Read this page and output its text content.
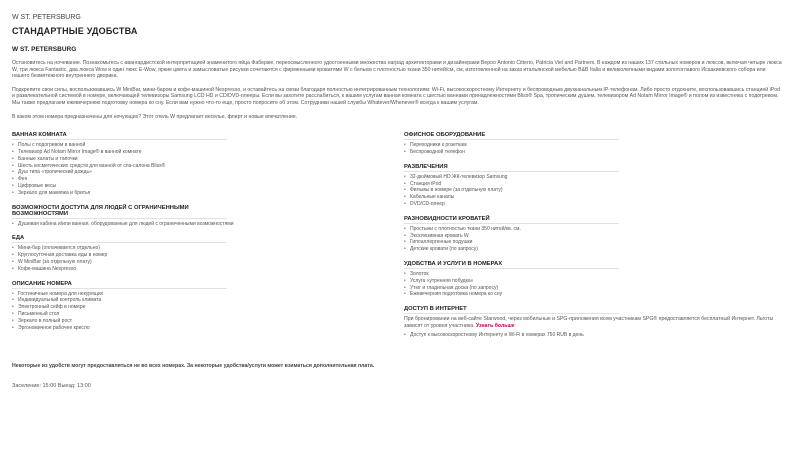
W ST. PETERSBURG
СТАНДАРТНЫЕ УДОБСТВА
W ST. PETERSBURG
Остановитесь на ночевание. Познакомьтесь с авангардистской интерпретацией знаменитого яйца Фаберже, переосмысленного удостоенными множества наград архитекторами и дизайнерами Вероо Antonio Citterio, Patricia Viel and Partners. В каждом из наших 137 стильных номеров и люксов, включая четыре люкса W, три люкса Fantastic, два люкса Wow и один люкс E-Wow, яркие цвета и замысловатые рисунки сочетаются с фирменными кроватями W с бельем с плотностью ткани 350 нитей/см, см, изготовленной на заказ итальянской мебелью B&B Italia и великолепными видами золотоглавого Исаакиевского собора или нашего безмятежного внутреннего дворика.
Подкрепите свои силы, воспользовавшись W MiniBar, мини-баром и кофе-машиной Nespresso, и оставайтесь на связи благодаря полностью интегрированным технологиям: Wi-Fi, высокоскоростному Интернету и беспроводным двухканальным IP-телефонам. Либо просто отдохните, воспользовавшись станцией iPod и развлекательной системой в номере, включающей телевизоры Samsung LCD HD и CD/DVD-плееры. Если вы захотите расслабиться, к вашим услугам ванная комната с шестью ваннами принадлежностями Bliss® Spa, тропическим душем, телевизором Ad Notam Mirror Image® и полом из известняка с подогревом. Мы также предлагаем ежевечернюю подготовку номера ко сну. Если вам нужно что-то еще, просто попросите об этом. Сотрудники нашей службы Whatever/Whenever® всегда к вашим услугам.
В каком этом номера предназначены для ночующих? Этот отель W предлагает веселье, флирт и новые впечатления.
ВАННАЯ КОМНАТА
• Полы с подогревом в ванной
• Телевизор Ad Notam Mirror Image® в ванной комнате
• Банные халаты и тапочки
• Шесть косметических средств для ванной от спа-салона Bliss®
• Душ типа «тропический дождь»
• Фен
• Цифровые весы
• Зеркало для макияжа и бритья
ВОЗМОЖНОСТИ ДОСТУПА ДЛЯ ЛЮДЕЙ С ОГРАНИЧЕННЫМИ ВОЗМОЖНОСТЯМИ
• Душевая кабина и/или ванная, оборудованные для людей с ограниченными возможностями
ЕДА
• Мини-бар (оплачивается отдельно)
• Круглосуточная доставка еды в номер
• W MiniBar (за отдельную плату)
• Кофе-машина Nespresso
ОПИСАНИЕ НОМЕРА
• Гостиничные номера для некурящих
• Индивидуальный контроль климата
• Электронный сейф в номере
• Письменный стол
• Зеркало в полный рост
• Эргономичное рабочее кресло
ОФИСНОЕ ОБОРУДОВАНИЕ
• Переходники к розеткам
• Беспроводной телефон
РАЗВЛЕЧЕНИЯ
• 32-дюймовый HD ЖК-телевизор Samsung
• Станция iPod
• Фильмы в номере (за отдельную плату)
• Кабельные каналы
• DVD/CD-плеер
РАЗНОВИДНОСТИ КРОВАТЕЙ
• Простыни с плотностью ткани 350 нитей/кв. см.
• Эксклюзивная кровать W
• Гипоаллергенные подушки
• Детские кровати (по запросу)
УДОБСТВА И УСЛУГИ В НОМЕРАХ
• Золоток
• Услуга «утренняя побудка»
• Утюг и гладильная доска (по запросу)
• Ежевечерняя подготовка номера ко сну
ДОСТУП В ИНТЕРНЕТ
При бронировании на веб-сайте Starwood, через мобильные и SPG-приложения всем участникам SPG® предоставляется бесплатный Интернет. Льготы зависят от уровня участника. Узнать больше
• Доступ к высокоскоростному Интернету и Wi-Fi в номерах 750 RUB в день
Некоторые из удобств могут предоставляться не во всех номерах. За некоторые удобства/услуги может взиматься дополнительная плата.
Заселение: 15:00 Выезд: 13:00
